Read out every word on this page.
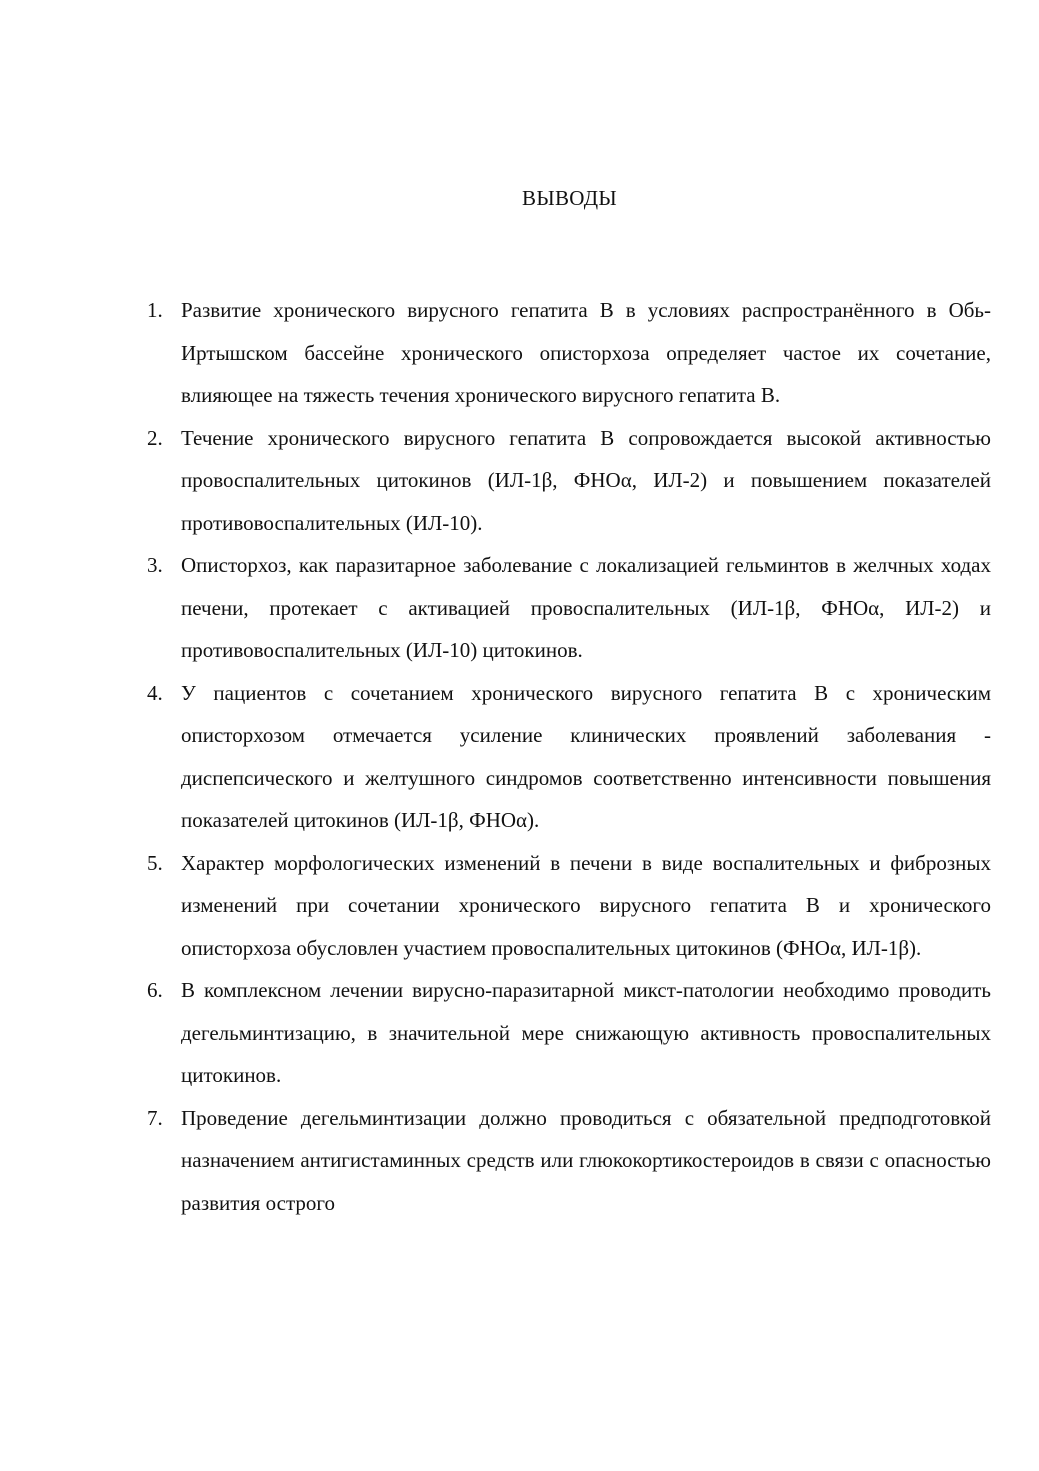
ВЫВОДЫ
1. Развитие хронического вирусного гепатита В в условиях распространённого в Обь-Иртышском бассейне хронического описторхоза определяет частое их сочетание, влияющее на тяжесть течения хронического вирусного гепатита В.
2. Течение хронического вирусного гепатита В сопровождается высокой активностью провоспалительных цитокинов (ИЛ-1β, ФНОα, ИЛ-2) и повышением показателей противовоспалительных (ИЛ-10).
3. Описторхоз, как паразитарное заболевание с локализацией гельминтов в желчных ходах печени, протекает с активацией провоспалительных (ИЛ-1β, ФНОα, ИЛ-2) и противовоспалительных (ИЛ-10) цитокинов.
4. У пациентов с сочетанием хронического вирусного гепатита В с хроническим описторхозом отмечается усиление клинических проявлений заболевания - диспепсического и желтушного синдромов соответственно интенсивности повышения показателей цитокинов (ИЛ-1β, ФНОα).
5. Характер морфологических изменений в печени в виде воспалительных и фиброзных изменений при сочетании хронического вирусного гепатита В и хронического описторхоза обусловлен участием провоспалительных цитокинов (ФНОα, ИЛ-1β).
6. В комплексном лечении вирусно-паразитарной микст-патологии необходимо проводить дегельминтизацию, в значительной мере снижающую активность провоспалительных цитокинов.
7. Проведение дегельминтизации должно проводиться с обязательной предподготовкой назначением антигистаминных средств или глюкокортикостероидов в связи с опасностью развития острого
